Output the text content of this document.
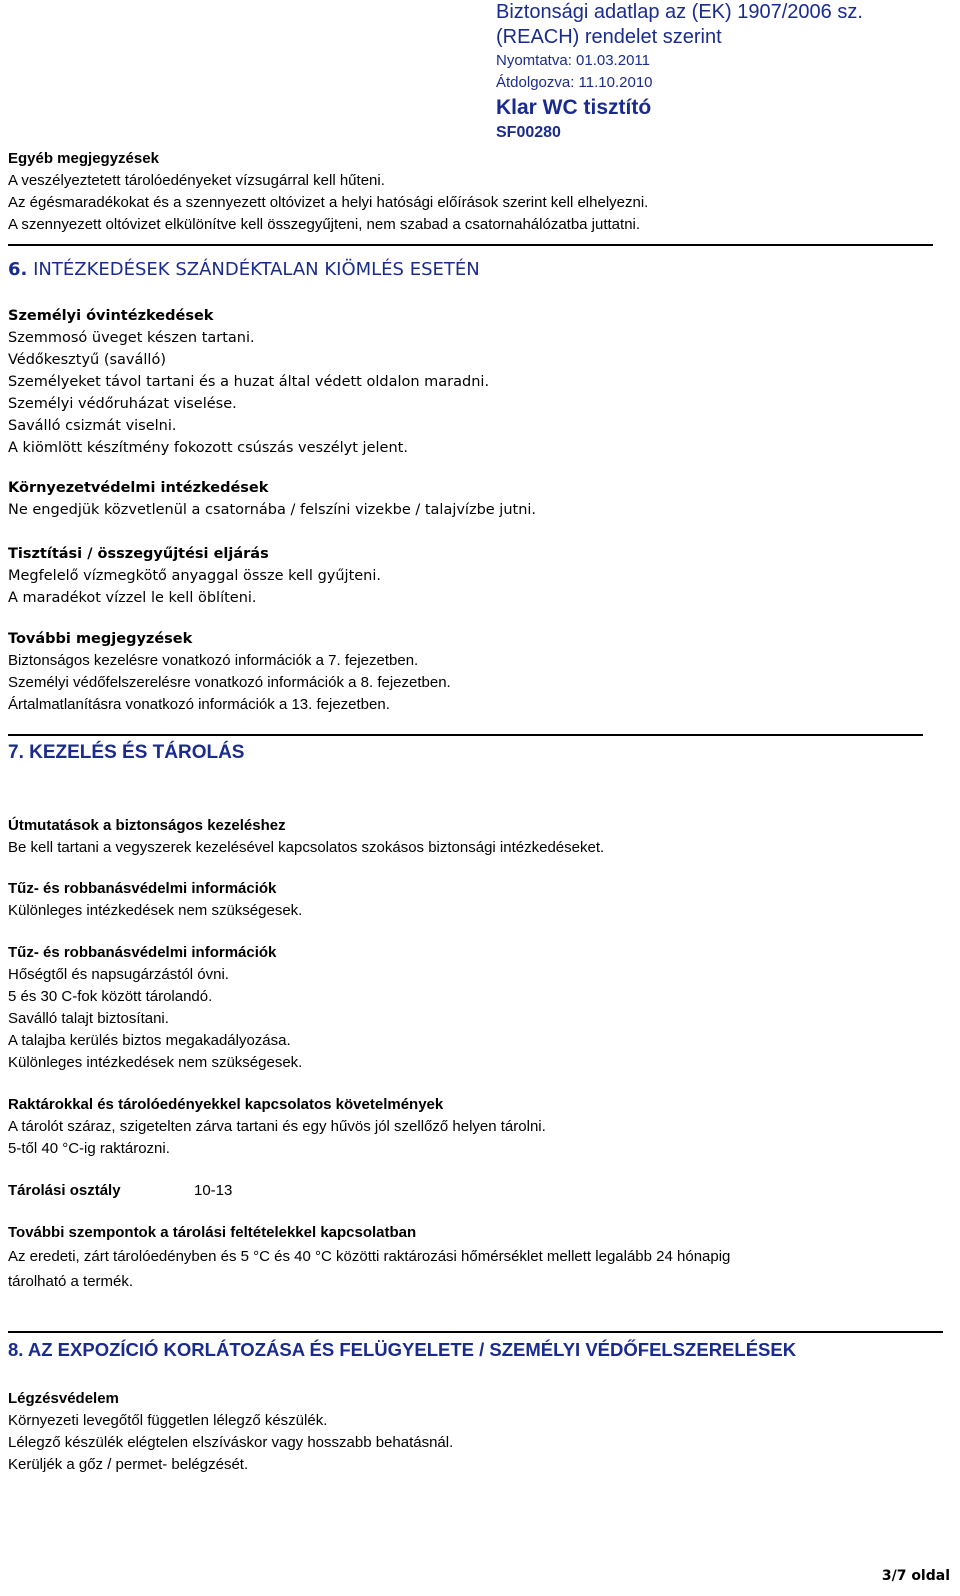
Biztonsági adatlap az (EK) 1907/2006 sz.
(REACH) rendelet szerint
Nyomtatva: 01.03.2011
Átdolgozva: 11.10.2010
Klar WC tisztító
SF00280
Egyéb megjegyzések
A veszélyeztetett tárolóedényeket vízsugárral kell hűteni.
Az égésmaradékokat és a szennyezett oltóvizet a helyi hatósági előírások szerint kell elhelyezni.
A szennyezett oltóvizet elkülönítve kell összegyűjteni, nem szabad a csatornahálózatba juttatni.
6. INTÉZKEDÉSEK SZÁNDÉKTALAN KIÖMLÉS ESETÉN
Személyi óvintézkedések
Szemmosó üveget készen tartani.
Védőkesztyű (saválló)
Személyeket távol tartani és a huzat által védett oldalon maradni.
Személyi védőruházat viselése.
Saválló csizmát viselni.
A kiömlött készítmény fokozott csúszás veszélyt jelent.
Környezetvédelmi intézkedések
Ne engedjük közvetlenül a csatornába / felszíni vizekbe / talajvízbe jutni.
Tisztítási / összegyűjtési eljárás
Megfelelő vízmegkötő anyaggal össze kell gyűjteni.
A maradékot vízzel le kell öblíteni.
További megjegyzések
Biztonságos kezelésre vonatkozó információk a 7. fejezetben.
Személyi védőfelszerelésre vonatkozó információk a 8. fejezetben.
Ártalmatlanításra vonatkozó információk a 13. fejezetben.
7. KEZELÉS ÉS TÁROLÁS
Útmutatások a biztonságos kezeléshez
Be kell tartani a vegyszerek kezelésével kapcsolatos szokásos biztonsági intézkedéseket.
Tűz- és robbanásvédelmi információk
Különleges intézkedések nem szükségesek.
Tűz- és robbanásvédelmi információk
Hőségtől és napsugárzástól óvni.
5 és 30 C-fok között tárolandó.
Saválló talajt biztosítani.
A talajba kerülés biztos megakadályozása.
Különleges intézkedések nem szükségesek.
Raktárokkal és tárolóedényekkel kapcsolatos követelmények
A tárolót száraz, szigetelten zárva tartani és egy hűvös jól szellőző helyen tárolni.
5-től 40 °C-ig raktározni.
Tárolási osztály	10-13
További szempontok a tárolási feltételekkel kapcsolatban
Az eredeti, zárt tárolóedényben és 5 °C és 40 °C közötti raktározási hőmérséklet mellett legalább 24 hónapig
tárolható a termék.
8. AZ EXPOZÍCIÓ KORLÁTOZÁSA ÉS FELÜGYELETE / SZEMÉLYI VÉDŐFELSZERELÉSEK
Légzésvédelem
Környezeti levegőtől független lélegző készülék.
Lélegző készülék elégtelen elszíváskor vagy hosszabb behatásnál.
Kerüljék a gőz / permet- belégzését.
3/7 oldal
